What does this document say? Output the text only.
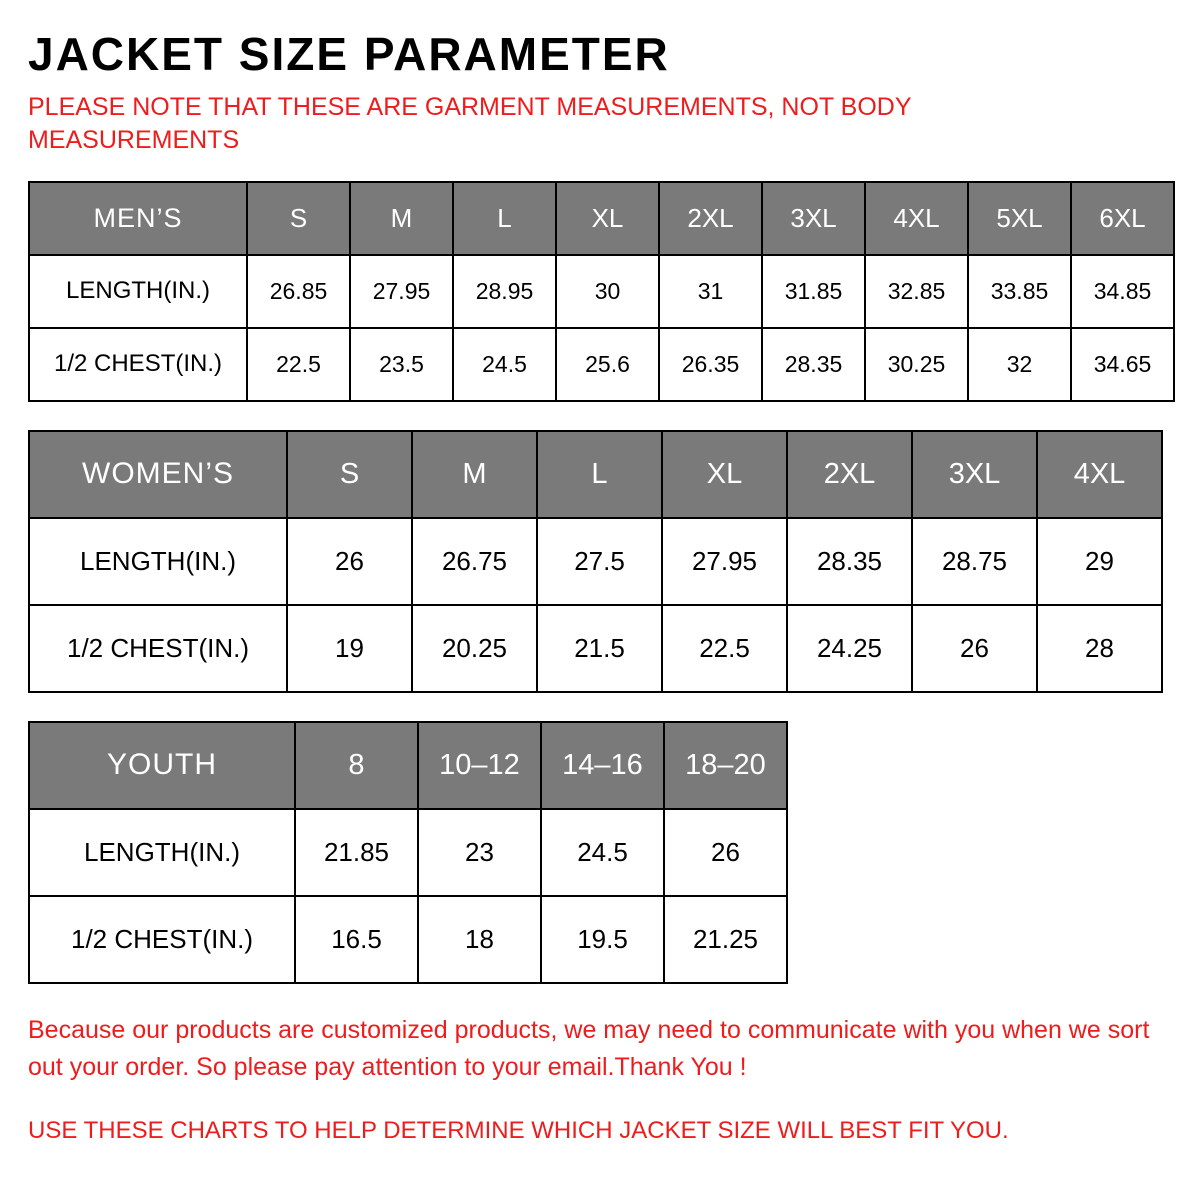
JACKET SIZE PARAMETER

PLEASE NOTE THAT THESE ARE GARMENT MEASUREMENTS, NOT BODY MEASUREMENTS

MEN’S	S	M	L	XL	2XL	3XL	4XL	5XL	6XL
LENGTH(IN.)	26.85	27.95	28.95	30	31	31.85	32.85	33.85	34.85
1/2 CHEST(IN.)	22.5	23.5	24.5	25.6	26.35	28.35	30.25	32	34.65
WOMEN’S	S	M	L	XL	2XL	3XL	4XL
LENGTH(IN.)	26	26.75	27.5	27.95	28.35	28.75	29
1/2 CHEST(IN.)	19	20.25	21.5	22.5	24.25	26	28
YOUTH	8	10–12	14–16	18–20
LENGTH(IN.)	21.85	23	24.5	26
1/2 CHEST(IN.)	16.5	18	19.5	21.25

Because our products are customized products, we may need to communicate with you when we sort out your order. So please pay attention to your email.Thank You !

USE THESE CHARTS TO HELP DETERMINE WHICH JACKET SIZE WILL BEST FIT YOU.
